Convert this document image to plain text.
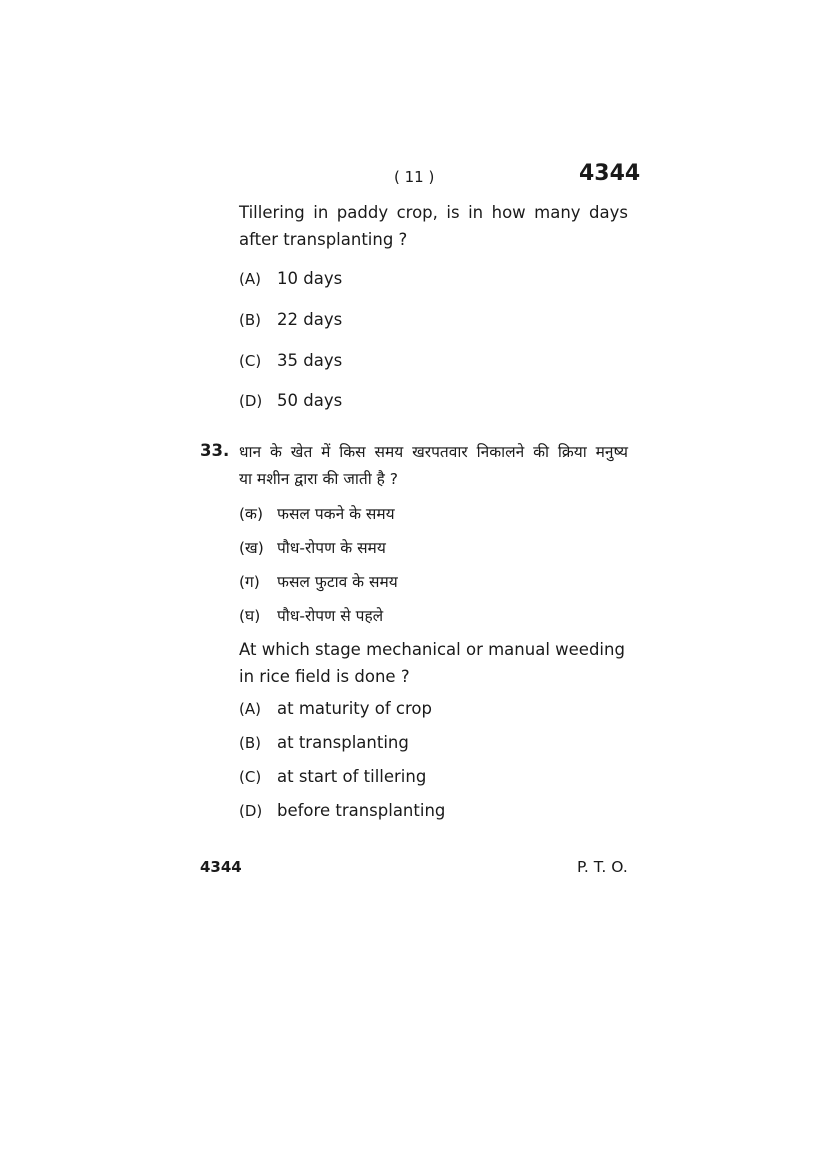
( 11 )	4344
Tillering in paddy crop, is in how many days after transplanting ?
(A) 10 days
(B) 22 days
(C) 35 days
(D) 50 days
33. धान के खेत में किस समय खरपतवार निकालने की क्रिया मनुष्य
या मशीन द्वारा की जाती है ?
(क) फसल पकने के समय
(ख) पौध-रोपण के समय
(ग) फसल फुटाव के समय
(घ) पौध-रोपण से पहले
At which stage mechanical or manual weeding in rice field is done ?
(A) at maturity of crop
(B) at transplanting
(C) at start of tillering
(D) before transplanting
4344	P. T. O.
